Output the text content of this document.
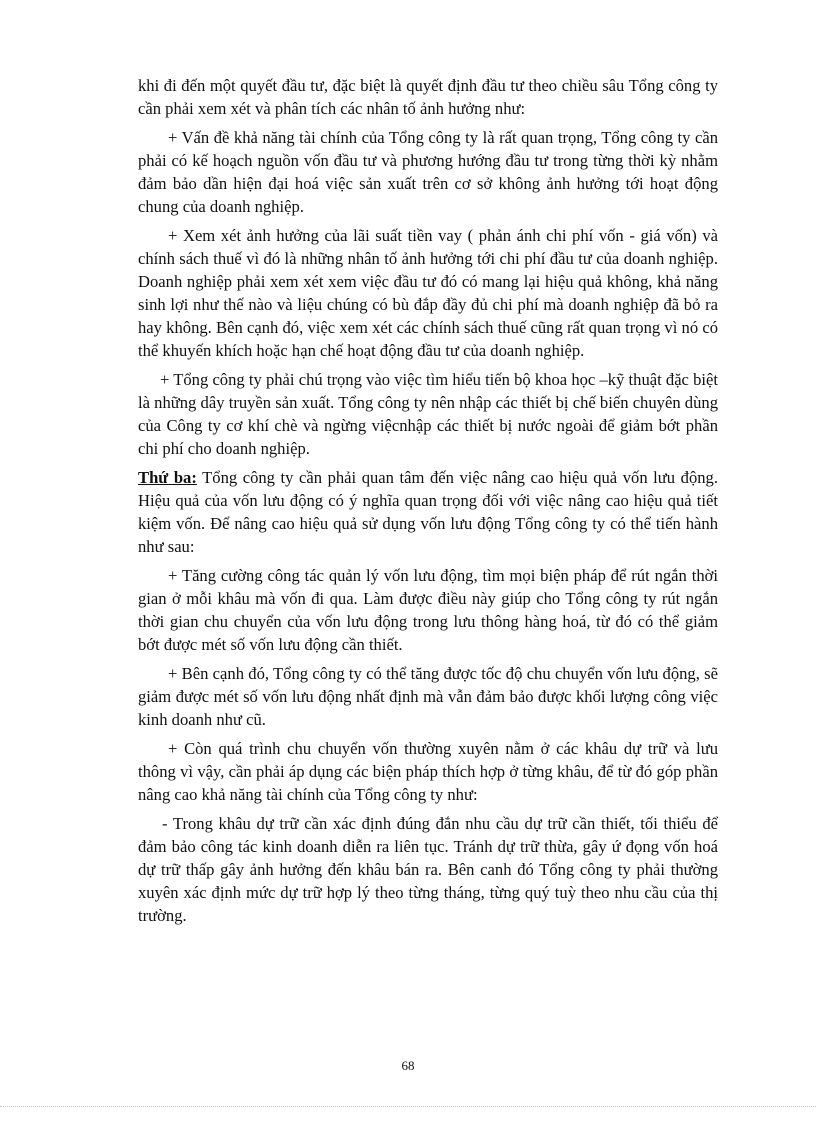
khi đi đến một quyết đầu tư, đặc biệt là quyết định đầu tư theo chiều sâu Tổng công ty cần phải xem xét và phân tích các nhân tố ảnh hưởng như:

+ Vấn đề khả năng tài chính của Tổng công ty là rất quan trọng, Tổng công ty cần phải có kế hoạch nguồn vốn đầu tư và phương hướng đầu tư trong từng thời kỳ nhằm đảm bảo dần hiện đại hoá việc sản xuất trên cơ sở không ảnh hưởng tới hoạt động chung của doanh nghiệp.

+ Xem xét ảnh hưởng của lãi suất tiền vay ( phản ánh chi phí vốn - giá vốn) và chính sách thuế vì đó là những nhân tố ảnh hưởng tới chi phí đầu tư của doanh nghiệp. Doanh nghiệp phải xem xét xem việc đầu tư đó có mang lại hiệu quả không, khả năng sinh lợi như thế nào và liệu chúng có bù đắp đầy đủ chi phí mà doanh nghiệp đã bỏ ra hay không. Bên cạnh đó, việc xem xét các chính sách thuế cũng rất quan trọng vì nó có thể khuyến khích hoặc hạn chế hoạt động đầu tư của doanh nghiệp.

+ Tổng công ty phải chú trọng vào việc tìm hiểu tiến bộ khoa học –kỹ thuật đặc biệt là những dây truyền sản xuất. Tổng công ty nên nhập các thiết bị chế biến chuyên dùng của Công ty cơ khí chè và ngừng việcnhập các thiết bị nước ngoài để giảm bớt phần chi phí cho doanh nghiệp.

Thứ ba: Tổng công ty cần phải quan tâm đến việc nâng cao hiệu quả vốn lưu động. Hiệu quả của vốn lưu động có ý nghĩa quan trọng đối với việc nâng cao hiệu quả tiết kiệm vốn. Để nâng cao hiệu quả sử dụng vốn lưu động Tổng công ty có thể tiến hành như sau:

+ Tăng cường công tác quản lý vốn lưu động, tìm mọi biện pháp để rút ngắn thời gian ở mỗi khâu mà vốn đi qua. Làm được điều này giúp cho Tổng công ty rút ngắn thời gian chu chuyển của vốn lưu động trong lưu thông hàng hoá, từ đó có thể giảm bớt được mét số vốn lưu động cần thiết.

+ Bên cạnh đó, Tổng công ty có thể tăng được tốc độ chu chuyển vốn lưu động, sẽ giảm được mét số vốn lưu động nhất định mà vẫn đảm bảo được khối lượng công việc kinh doanh như cũ.

+ Còn quá trình chu chuyển vốn thường xuyên nằm ở các khâu dự trữ và lưu thông vì vậy, cần phải áp dụng các biện pháp thích hợp ở từng khâu, để từ đó góp phần nâng cao khả năng tài chính của Tổng công ty như:

- Trong khâu dự trữ cần xác định đúng đắn nhu cầu dự trữ cần thiết, tối thiểu để đảm bảo công tác kinh doanh diễn ra liên tục. Tránh dự trữ thừa, gây ứ đọng vốn hoá dự trữ thấp gây ảnh hưởng đến khâu bán ra. Bên canh đó Tổng công ty phải thường xuyên xác định mức dự trữ hợp lý theo từng tháng, từng quý tuỳ theo nhu cầu của thị trường.

68
